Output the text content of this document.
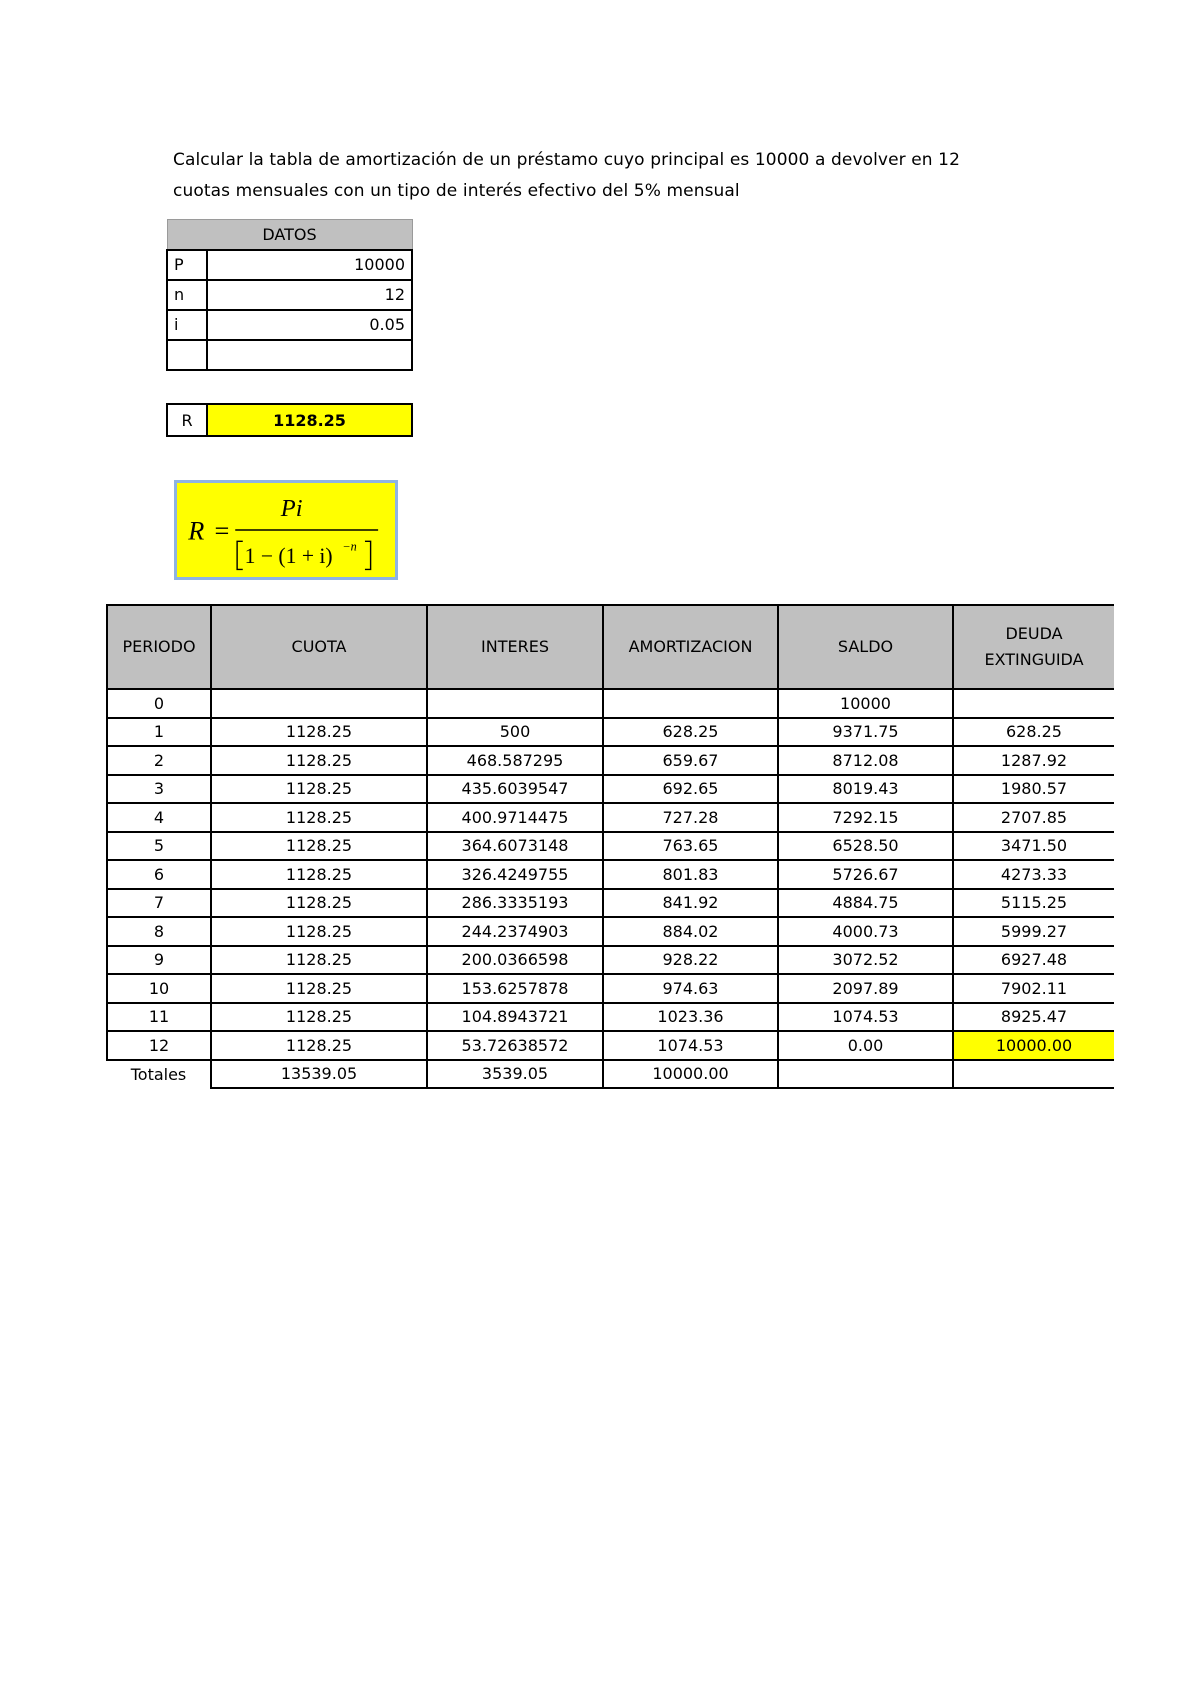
Calcular la tabla de amortización de un préstamo cuyo principal es 10000 a devolver en 12

cuotas mensuales con un tipo de interés efectivo del 5% mensual

DATOS	
P	10000
n	12
i	0.05

R	1128.25
R =
Pi
1 − (1 + i) −n
PERIODO	CUOTA	INTERES	AMORTIZACION	SALDO	DEUDA
EXTINGUIDA
0				10000	
1	1128.25	500	628.25	9371.75	628.25
2	1128.25	468.587295	659.67	8712.08	1287.92
3	1128.25	435.6039547	692.65	8019.43	1980.57
4	1128.25	400.9714475	727.28	7292.15	2707.85
5	1128.25	364.6073148	763.65	6528.50	3471.50
6	1128.25	326.4249755	801.83	5726.67	4273.33
7	1128.25	286.3335193	841.92	4884.75	5115.25
8	1128.25	244.2374903	884.02	4000.73	5999.27
9	1128.25	200.0366598	928.22	3072.52	6927.48
10	1128.25	153.6257878	974.63	2097.89	7902.11
11	1128.25	104.8943721	1023.36	1074.53	8925.47
12	1128.25	53.72638572	1074.53	0.00	10000.00
Totales	13539.05	3539.05	10000.00		
